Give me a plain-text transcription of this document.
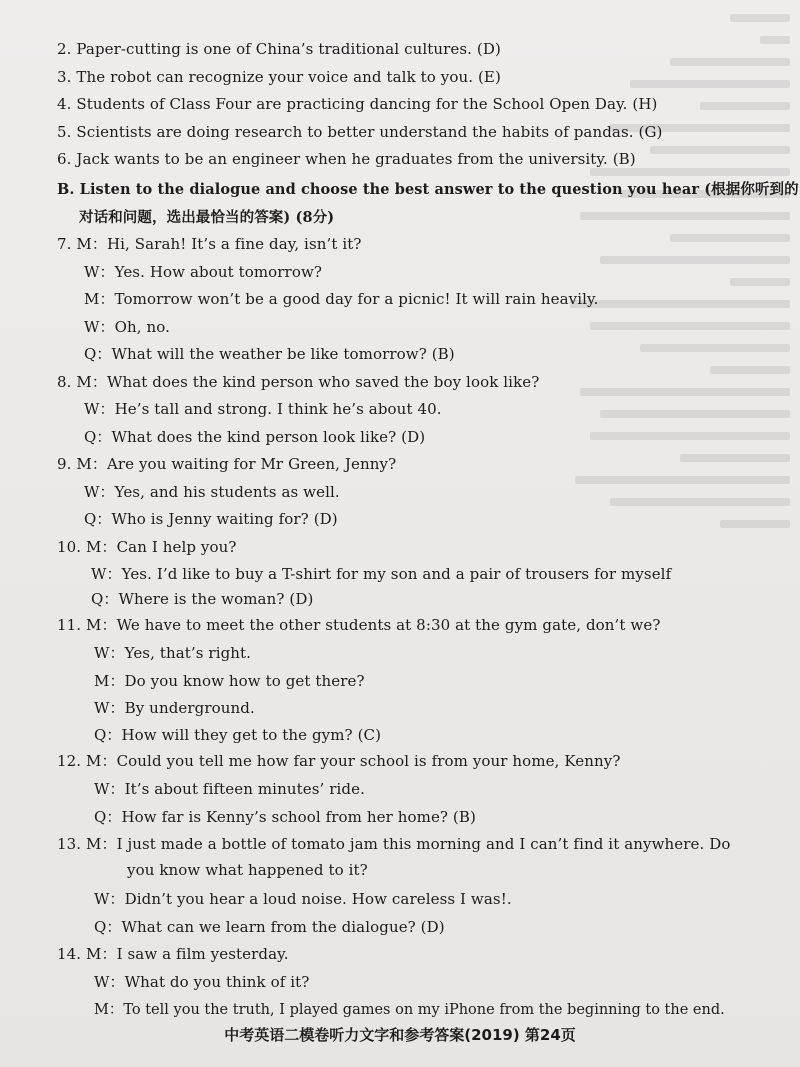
2. Paper-cutting is one of China’s traditional cultures. (D)
3. The robot can recognize your voice and talk to you. (E)
4. Students of Class Four are practicing dancing for the School Open Day. (H)
5. Scientists are doing research to better understand the habits of pandas. (G)
6. Jack wants to be an engineer when he graduates from the university. (B)
B. Listen to the dialogue and choose the best answer to the question you hear (根据你听到的
对话和问题，选出最恰当的答案) (8分)
7. M：Hi, Sarah! It’s a fine day, isn’t it?
W：Yes. How about tomorrow?
M：Tomorrow won’t be a good day for a picnic! It will rain heavily.
W：Oh, no.
Q：What will the weather be like tomorrow? (B)
8. M：What does the kind person who saved the boy look like?
W：He’s tall and strong. I think he’s about 40.
Q：What does the kind person look like? (D)
9. M：Are you waiting for Mr Green, Jenny?
W：Yes, and his students as well.
Q：Who is Jenny waiting for? (D)
10. M：Can I help you?
W：Yes. I’d like to buy a T-shirt for my son and a pair of trousers for myself
Q：Where is the woman? (D)
11. M：We have to meet the other students at 8:30 at the gym gate, don’t we?
W：Yes, that’s right.
M：Do you know how to get there?
W：By underground.
Q：How will they get to the gym? (C)
12. M：Could you tell me how far your school is from your home, Kenny?
W：It’s about fifteen minutes’ ride.
Q：How far is Kenny’s school from her home? (B)
13. M：I just made a bottle of tomato jam this morning and I can’t find it anywhere. Do
you know what happened to it?
W：Didn’t you hear a loud noise. How careless I was!.
Q：What can we learn from the dialogue? (D)
14. M：I saw a film yesterday.
W：What do you think of it?
M：To tell you the truth, I played games on my iPhone from the beginning to the end.
中考英语二模卷听力文字和参考答案(2019) 第24页
